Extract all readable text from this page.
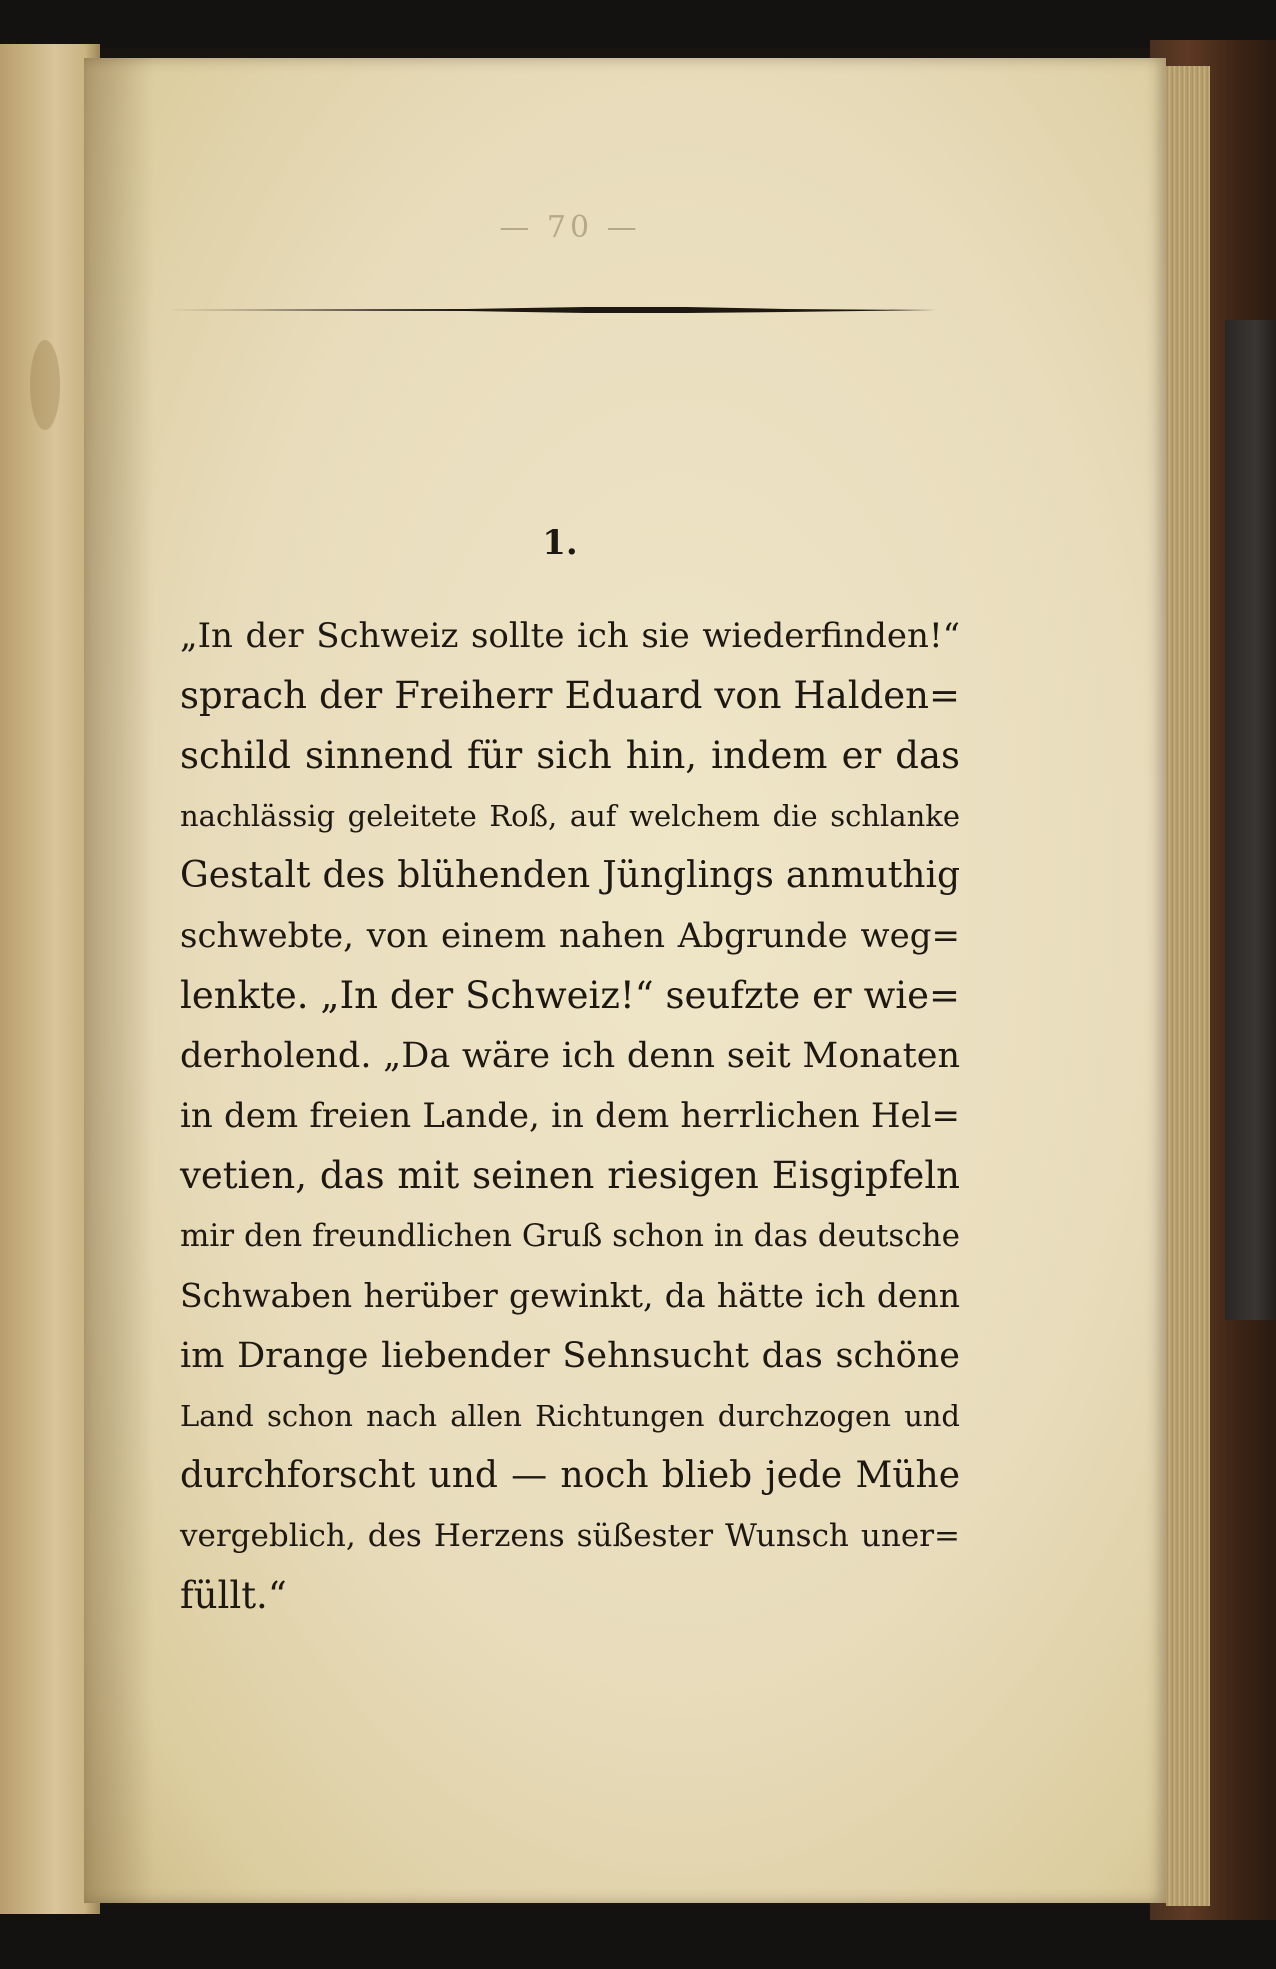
— 70 —
1.
„In der Schweiz sollte ich sie wiederfinden!“
sprach der Freiherr Eduard von Halden=
schild sinnend für sich hin, indem er das
nachlässig geleitete Roß, auf welchem die schlanke
Gestalt des blühenden Jünglings anmuthig
schwebte, von einem nahen Abgrunde weg=
lenkte. „In der Schweiz!“ seufzte er wie=
derholend. „Da wäre ich denn seit Monaten
in dem freien Lande, in dem herrlichen Hel=
vetien, das mit seinen riesigen Eisgipfeln
mir den freundlichen Gruß schon in das deutsche
Schwaben herüber gewinkt, da hätte ich denn
im Drange liebender Sehnsucht das schöne
Land schon nach allen Richtungen durchzogen und
durchforscht und — noch blieb jede Mühe
vergeblich, des Herzens süßester Wunsch uner=
füllt.“
